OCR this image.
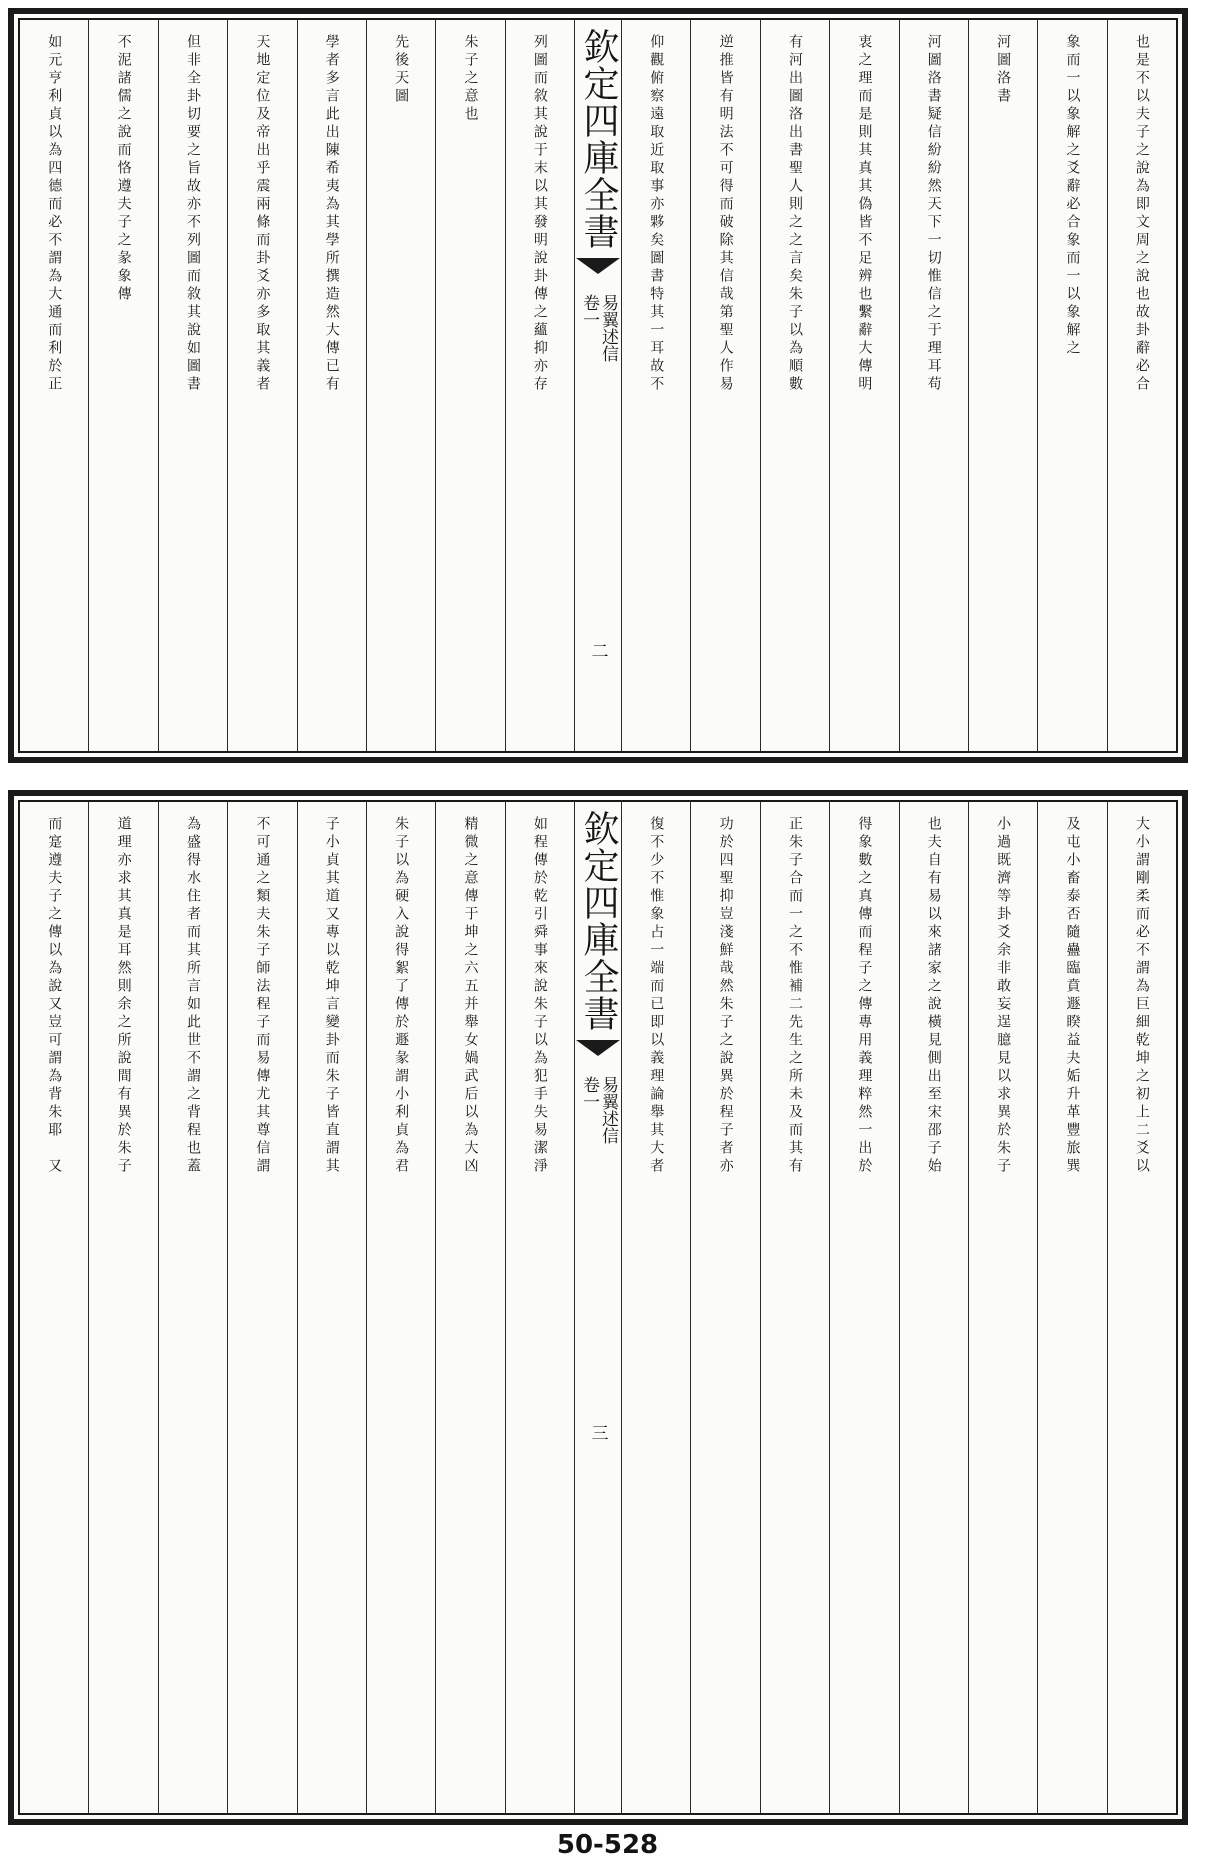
也是不以夫子之說為即文周之說也故卦辭必合
象而一以象解之爻辭必合象而一以象解之
河圖洛書
河圖洛書疑信紛紛然天下一切惟信之于理耳苟
衷之理而是則其真其偽皆不足辨也繫辭大傳明
有河出圖洛出書聖人則之之言矣朱子以為順數
逆推皆有明法不可得而破除其信哉第聖人作易
仰觀俯察遠取近取事亦夥矣圖書特其一耳故不
欽定四庫全書
易翼述信
卷一
二
列圖而敘其說于末以其發明說卦傳之蘊抑亦存
朱子之意也
先後天圖
學者多言此出陳希夷為其學所撰造然大傳已有
天地定位及帝出乎震兩條而卦爻亦多取其義者
但非全卦切要之旨故亦不列圖而敘其說如圖書
不泥諸儒之說而恪遵夫子之彖象傳
如元亨利貞以為四德而必不謂為大通而利於正
大小謂剛柔而必不謂為巨細乾坤之初上二爻以
及屯小畜泰否隨蠱臨賁遯睽益夬姤升革豐旅巽
小過既濟等卦爻余非敢妄逞臆見以求異於朱子
也夫自有易以來諸家之說橫見側出至宋邵子始
得象數之真傳而程子之傳專用義理粹然一出於
正朱子合而一之不惟補二先生之所未及而其有
功於四聖抑豈淺鮮哉然朱子之說異於程子者亦
復不少不惟象占一端而已即以義理論舉其大者
欽定四庫全書
易翼述信
卷一
三
如程傳於乾引舜事來說朱子以為犯手失易潔淨
精微之意傳于坤之六五并舉女媧武后以為大凶
朱子以為硬入說得絮了傳於遯彖謂小利貞為君
子小貞其道又專以乾坤言變卦而朱子皆直謂其
不可通之類夫朱子師法程子而易傳尤其尊信謂
為盛得水住者而其所言如此世不謂之背程也蓋
道理亦求其真是耳然則余之所說間有異於朱子
而寔遵夫子之傳以為說又豈可謂為背朱耶　又
50-528
